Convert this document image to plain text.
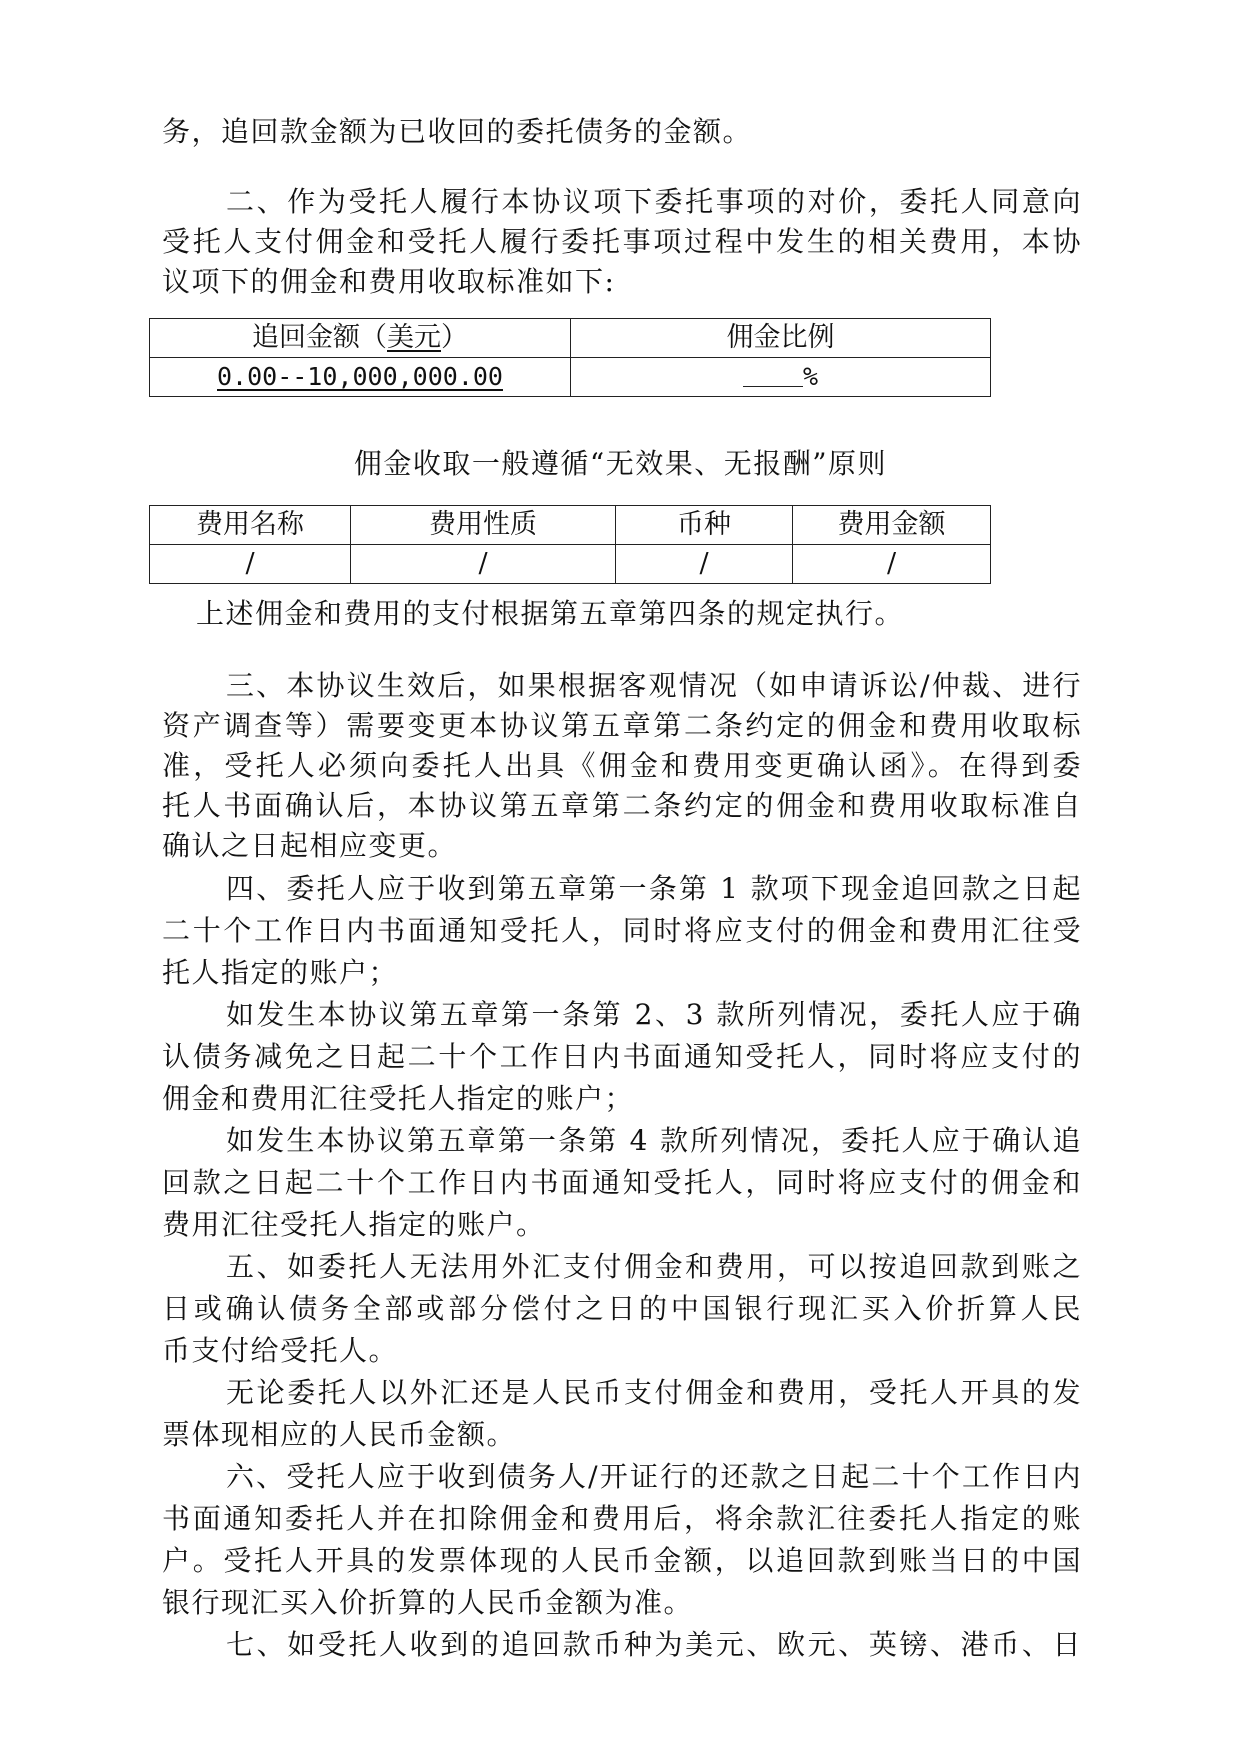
务，追回款金额为已收回的委托债务的金额。
二、作为受托人履行本协议项下委托事项的对价，委托人同意向
受托人支付佣金和受托人履行委托事项过程中发生的相关费用，本协
议项下的佣金和费用收取标准如下:
追回金额（美元）	佣金比例
0.00--10,000,000.00	%
佣金收取一般遵循“无效果、无报酬”原则
费用名称	费用性质	币种	费用金额
/	/	/	/
上述佣金和费用的支付根据第五章第四条的规定执行。
三、本协议生效后，如果根据客观情况（如申请诉讼/仲裁、进行
资产调查等）需要变更本协议第五章第二条约定的佣金和费用收取标
准，受托人必须向委托人出具《佣金和费用变更确认函》。在得到委
托人书面确认后，本协议第五章第二条约定的佣金和费用收取标准自
确认之日起相应变更。
四、委托人应于收到第五章第一条第 1 款项下现金追回款之日起
二十个工作日内书面通知受托人，同时将应支付的佣金和费用汇往受
托人指定的账户；
如发生本协议第五章第一条第 2、3 款所列情况，委托人应于确
认债务减免之日起二十个工作日内书面通知受托人，同时将应支付的
佣金和费用汇往受托人指定的账户；
如发生本协议第五章第一条第 4 款所列情况，委托人应于确认追
回款之日起二十个工作日内书面通知受托人，同时将应支付的佣金和
费用汇往受托人指定的账户。
五、如委托人无法用外汇支付佣金和费用，可以按追回款到账之
日或确认债务全部或部分偿付之日的中国银行现汇买入价折算人民
币支付给受托人。
无论委托人以外汇还是人民币支付佣金和费用，受托人开具的发
票体现相应的人民币金额。
六、受托人应于收到债务人/开证行的还款之日起二十个工作日内
书面通知委托人并在扣除佣金和费用后，将余款汇往委托人指定的账
户。受托人开具的发票体现的人民币金额，以追回款到账当日的中国
银行现汇买入价折算的人民币金额为准。
七、如受托人收到的追回款币种为美元、欧元、英镑、港币、日
